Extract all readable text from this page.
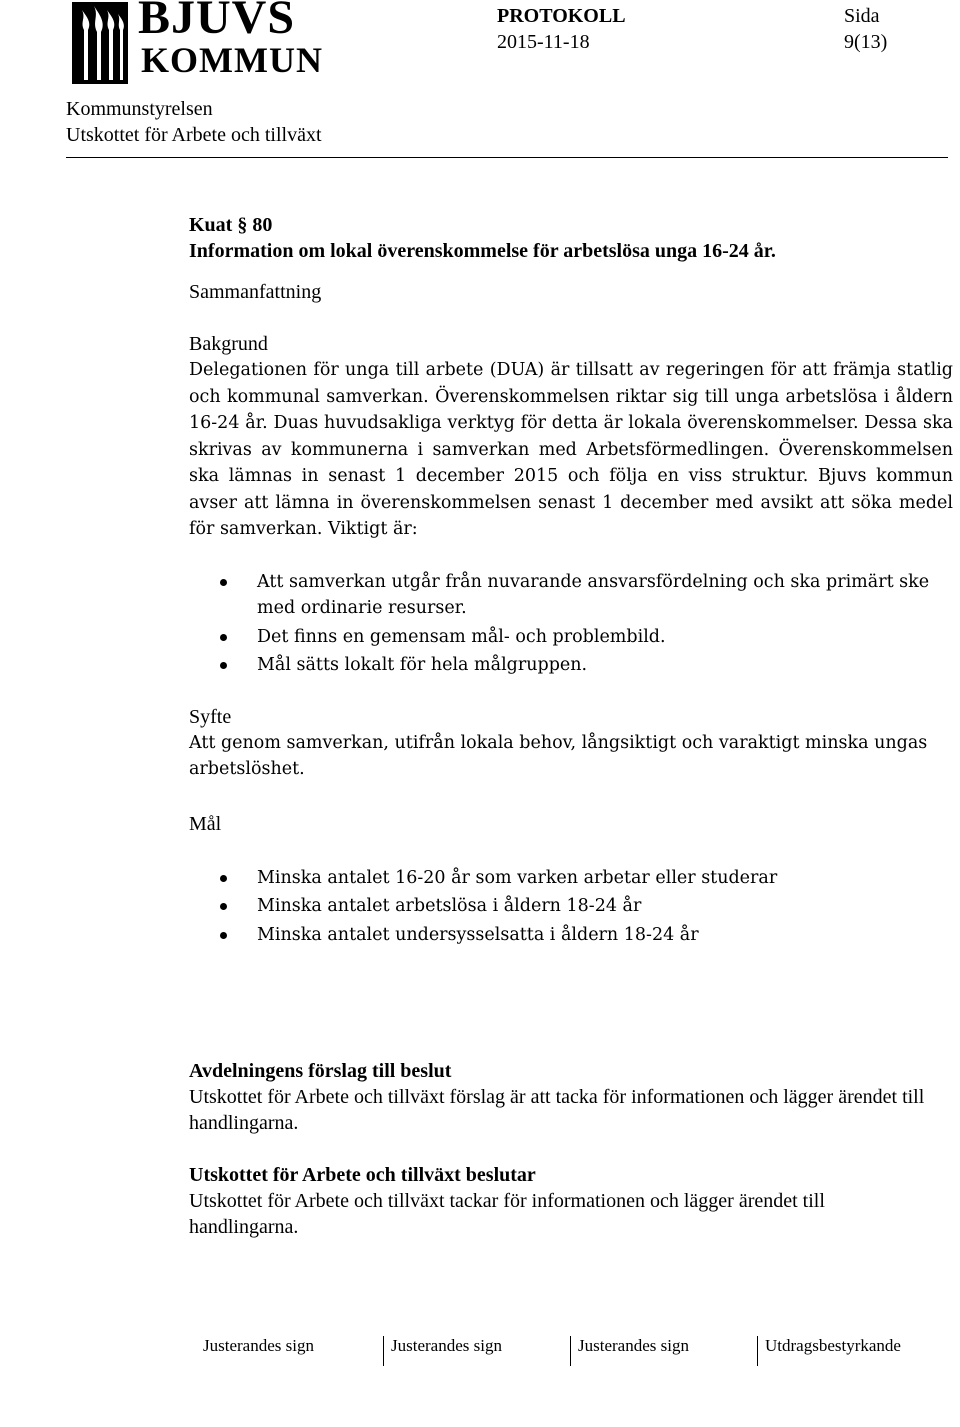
BJUVS
KOMMUN
PROTOKOLL
2015-11-18
Sida
9(13)
Kommunstyrelsen
Utskottet för Arbete och tillväxt

Kuat § 80

Information om lokal överenskommelse för arbetslösa unga 16-24 år.

Sammanfattning

Bakgrund

Delegationen för unga till arbete (DUA) är tillsatt av regeringen för att främja statlig och kommunal samverkan. Överenskommelsen riktar sig till unga arbetslösa i åldern 16-24 år. Duas huvudsakliga verktyg för detta är lokala överenskommelser. Dessa ska skrivas av kommunerna i samverkan med Arbetsförmedlingen. Överenskommelsen ska lämnas in senast 1 december 2015 och följa en viss struktur. Bjuvs kommun avser att lämna in överenskommelsen senast 1 december med avsikt att söka medel för samverkan. Viktigt är:

Att samverkan utgår från nuvarande ansvarsfördelning och ska primärt ske med ordinarie resurser.
Det finns en gemensam mål- och problembild.
Mål sätts lokalt för hela målgruppen.

Syfte

Att genom samverkan, utifrån lokala behov, långsiktigt och varaktigt minska ungas arbetslöshet.

Mål

Minska antalet 16-20 år som varken arbetar eller studerar
Minska antalet arbetslösa i åldern 18-24 år
Minska antalet undersysselsatta i åldern 18-24 år

Avdelningens förslag till beslut

Utskottet för Arbete och tillväxt förslag är att tacka för informationen och lägger ärendet till handlingarna.

Utskottet för Arbete och tillväxt beslutar

Utskottet för Arbete och tillväxt tackar för informationen och lägger ärendet till handlingarna.

Justerandes sign	Justerandes sign	Justerandes sign	Utdragsbestyrkande
